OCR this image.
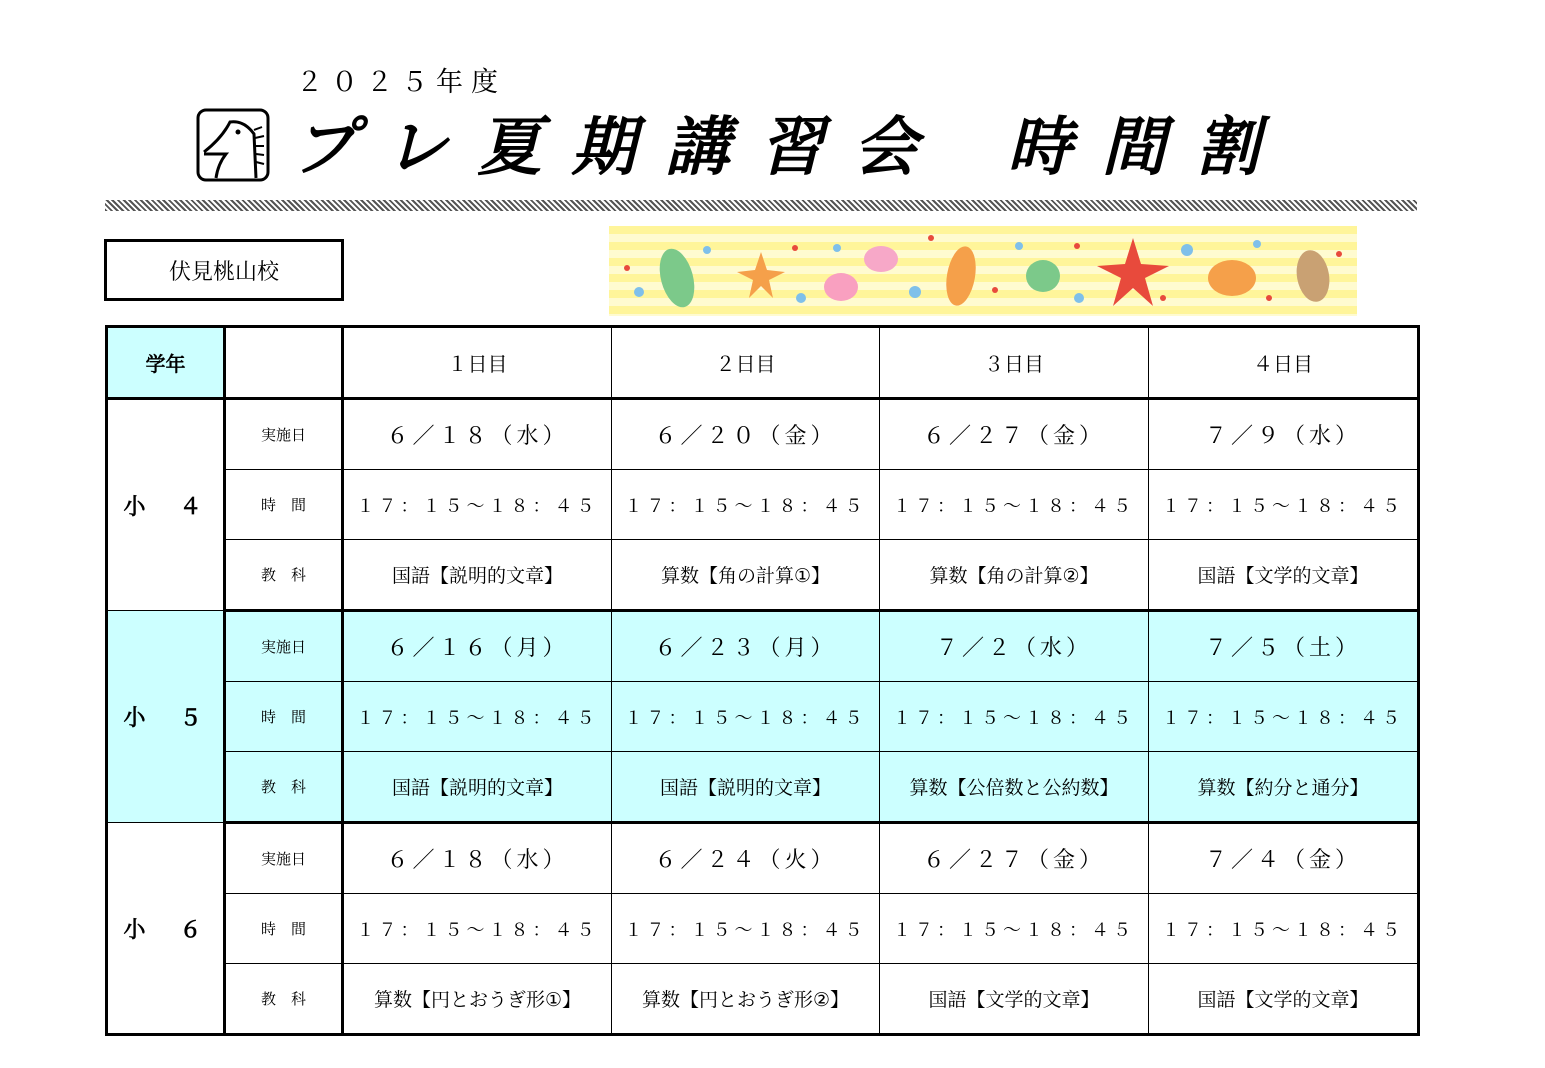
２０２５年度
プレ夏期講習会 時間割
伏見桃山校
学年		１日目	２日目	３日目	４日目
小　４	実施日	６／１８（水）	６／２０（金）	６／２７（金）	７／９（水）
	時　間	１７：１５～１８：４５	１７：１５～１８：４５	１７：１５～１８：４５	１７：１５～１８：４５
	教　科	国語【説明的文章】	算数【角の計算①】	算数【角の計算②】	国語【文学的文章】
小　５	実施日	６／１６（月）	６／２３（月）	７／２（水）	７／５（土）
	時　間	１７：１５～１８：４５	１７：１５～１８：４５	１７：１５～１８：４５	１７：１５～１８：４５
	教　科	国語【説明的文章】	国語【説明的文章】	算数【公倍数と公約数】	算数【約分と通分】
小　６	実施日	６／１８（水）	６／２４（火）	６／２７（金）	７／４（金）
	時　間	１７：１５～１８：４５	１７：１５～１８：４５	１７：１５～１８：４５	１７：１５～１８：４５
	教　科	算数【円とおうぎ形①】	算数【円とおうぎ形②】	国語【文学的文章】	国語【文学的文章】
